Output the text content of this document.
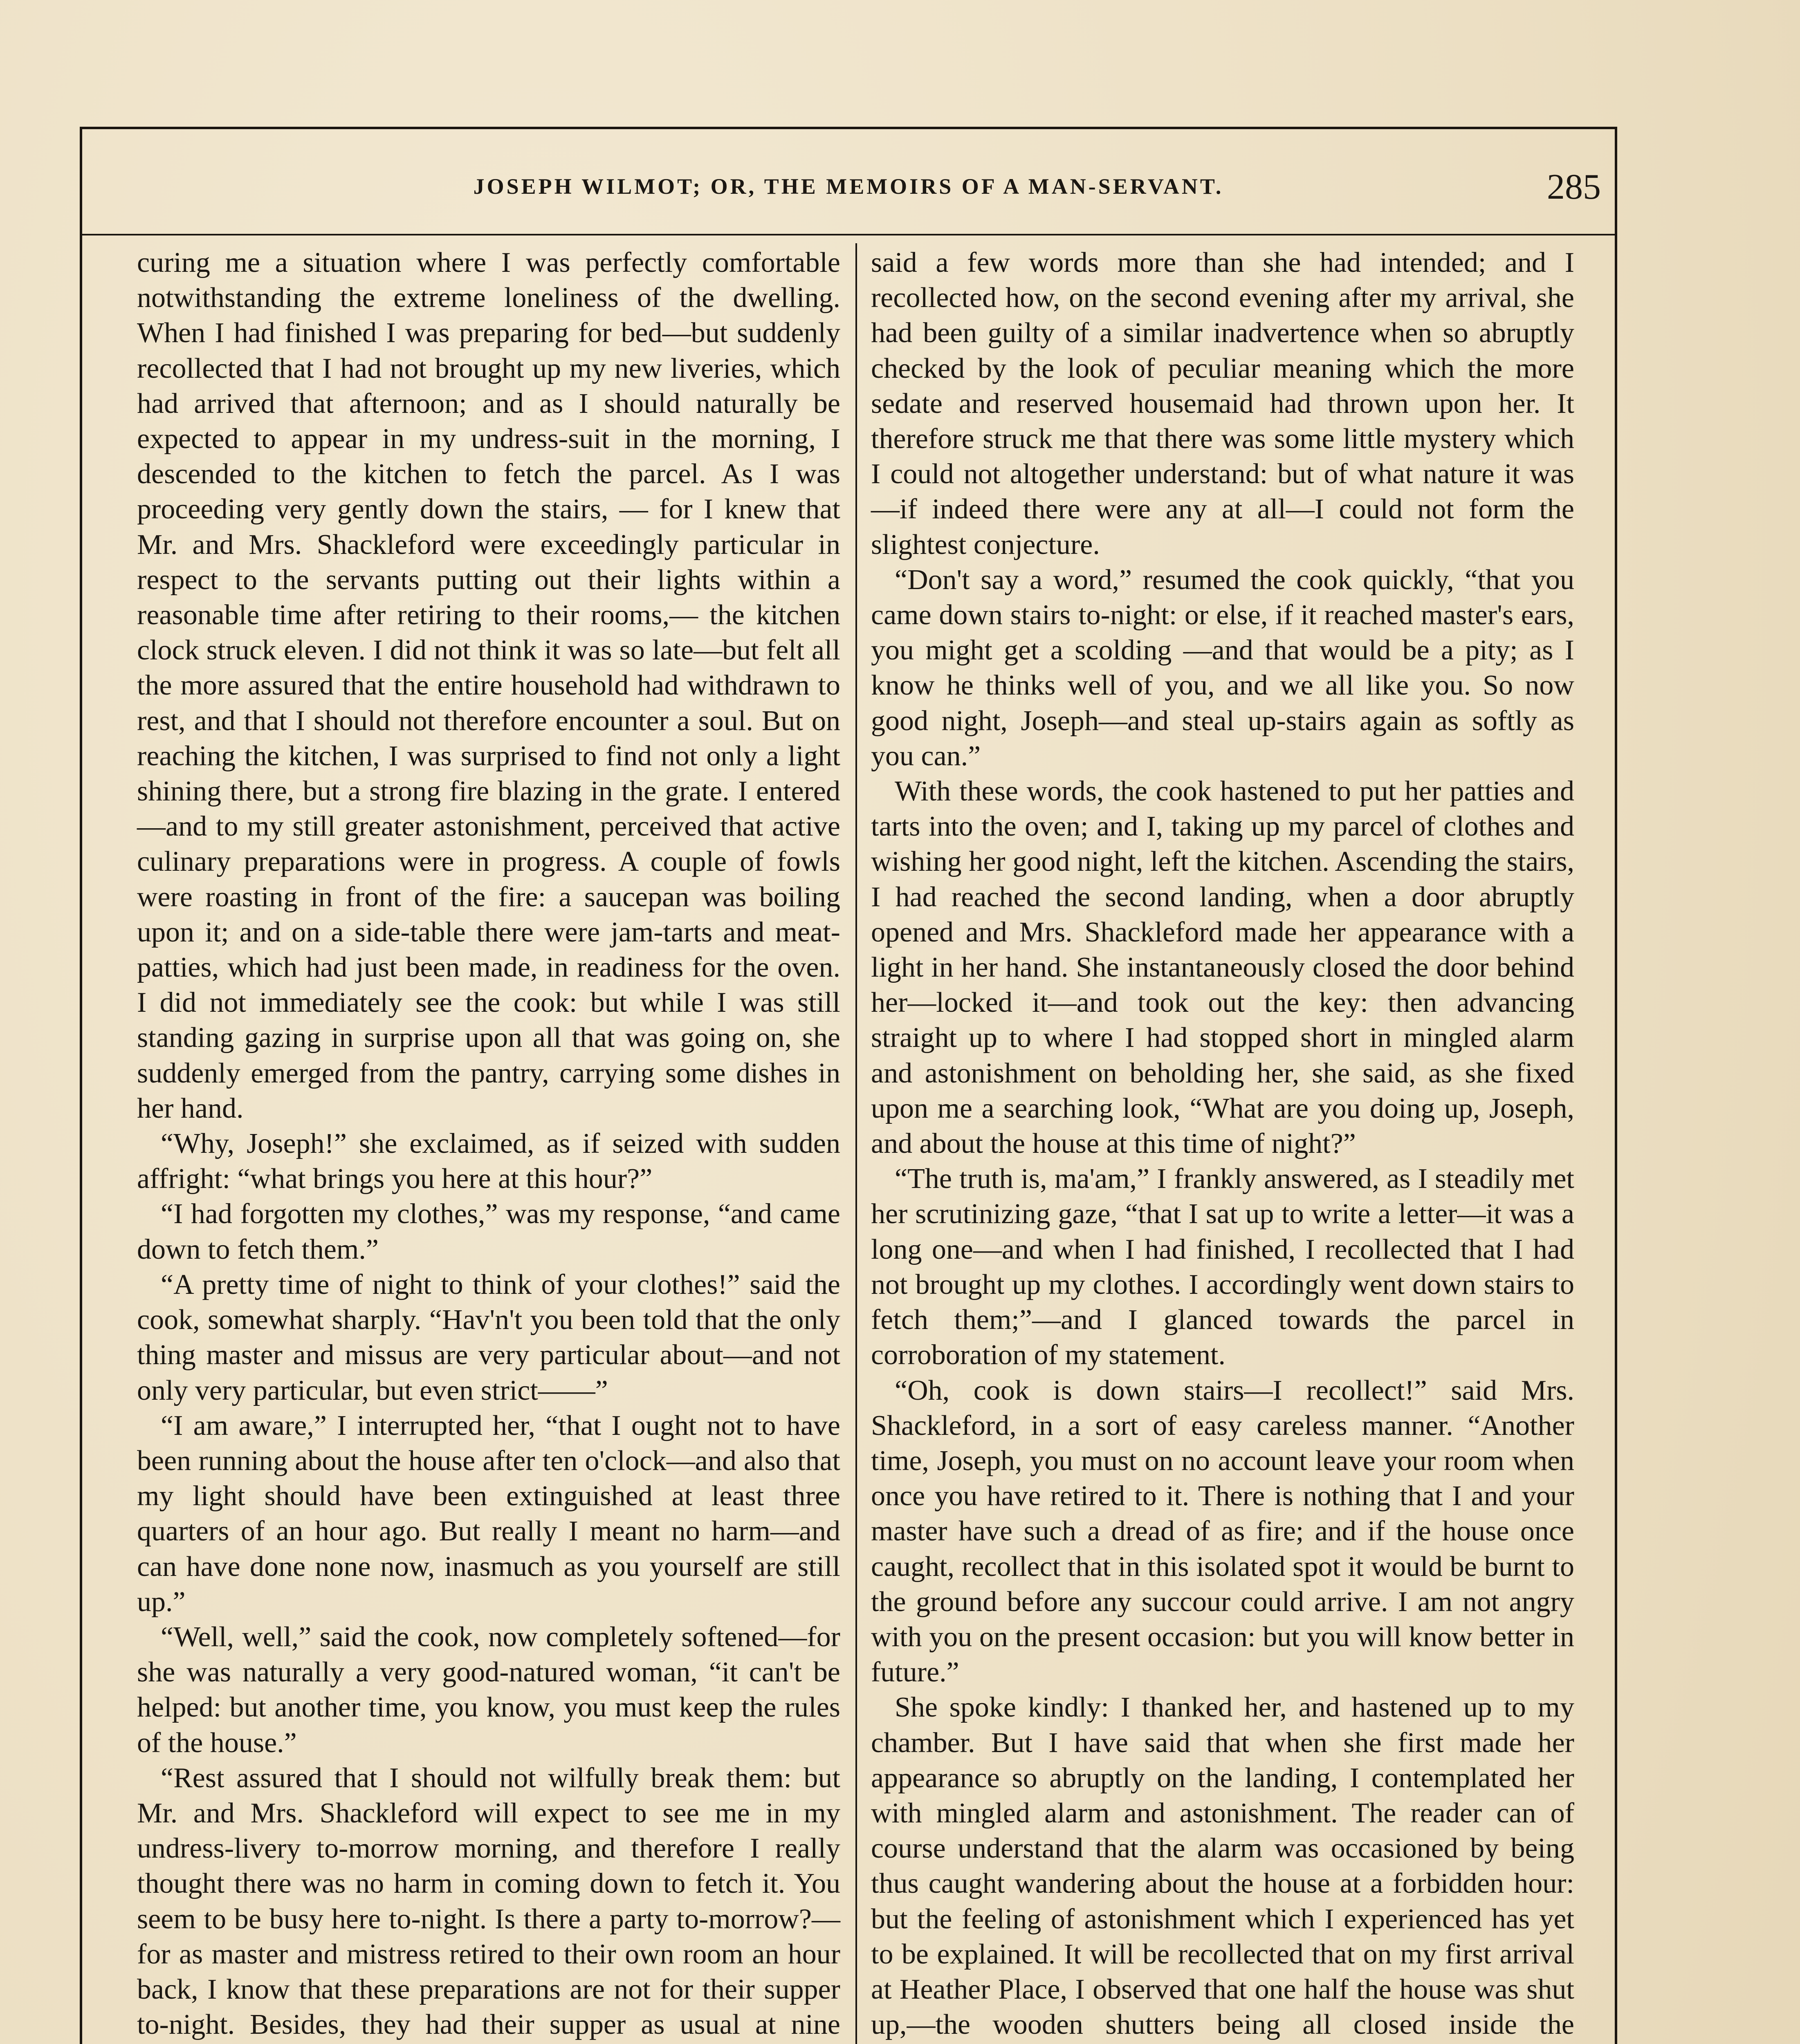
JOSEPH WILMOT; OR, THE MEMOIRS OF A MAN-SERVANT.	285

curing me a situation where I was perfectly comfortable notwithstanding the extreme loneliness of the dwelling. When I had finished I was preparing for bed—but suddenly recollected that I had not brought up my new liveries, which had arrived that afternoon; and as I should naturally be expected to appear in my undress-suit in the morning, I descended to the kitchen to fetch the parcel. As I was proceeding very gently down the stairs, — for I knew that Mr. and Mrs. Shackleford were exceedingly particular in respect to the servants putting out their lights within a reasonable time after retiring to their rooms,— the kitchen clock struck eleven. I did not think it was so late—but felt all the more assured that the entire household had withdrawn to rest, and that I should not therefore encounter a soul. But on reaching the kitchen, I was surprised to find not only a light shining there, but a strong fire blazing in the grate. I entered—and to my still greater astonishment, perceived that active culinary preparations were in progress. A couple of fowls were roasting in front of the fire: a saucepan was boiling upon it; and on a side-table there were jam-tarts and meat-patties, which had just been made, in readiness for the oven. I did not immediately see the cook: but while I was still standing gazing in surprise upon all that was going on, she suddenly emerged from the pantry, carrying some dishes in her hand.

“Why, Joseph!” she exclaimed, as if seized with sudden affright: “what brings you here at this hour?”

“I had forgotten my clothes,” was my response, “and came down to fetch them.”

“A pretty time of night to think of your clothes!” said the cook, somewhat sharply. “Hav'n't you been told that the only thing master and missus are very particular about—and not only very particular, but even strict——”

“I am aware,” I interrupted her, “that I ought not to have been running about the house after ten o'clock—and also that my light should have been extinguished at least three quarters of an hour ago. But really I meant no harm—and can have done none now, inasmuch as you yourself are still up.”

“Well, well,” said the cook, now completely softened—for she was naturally a very good-natured woman, “it can't be helped: but another time, you know, you must keep the rules of the house.”

“Rest assured that I should not wilfully break them: but Mr. and Mrs. Shackleford will expect to see me in my undress-livery to-morrow morning, and therefore I really thought there was no harm in coming down to fetch it. You seem to be busy here to-night. Is there a party to-morrow?—for as master and mistress retired to their own room an hour back, I know that these preparations are not for their supper to-night. Besides, they had their supper as usual at nine

said a few words more than she had intended; and I recollected how, on the second evening after my arrival, she had been guilty of a similar inadvertence when so abruptly checked by the look of peculiar meaning which the more sedate and reserved housemaid had thrown upon her. It therefore struck me that there was some little mystery which I could not altogether understand: but of what nature it was—if indeed there were any at all—I could not form the slightest conjecture.

“Don't say a word,” resumed the cook quickly, “that you came down stairs to-night: or else, if it reached master's ears, you might get a scolding —and that would be a pity; as I know he thinks well of you, and we all like you. So now good night, Joseph—and steal up-stairs again as softly as you can.”

With these words, the cook hastened to put her patties and tarts into the oven; and I, taking up my parcel of clothes and wishing her good night, left the kitchen. Ascending the stairs, I had reached the second landing, when a door abruptly opened and Mrs. Shackleford made her appearance with a light in her hand. She instantaneously closed the door behind her—locked it—and took out the key: then advancing straight up to where I had stopped short in mingled alarm and astonishment on beholding her, she said, as she fixed upon me a searching look, “What are you doing up, Joseph, and about the house at this time of night?”

“The truth is, ma'am,” I frankly answered, as I steadily met her scrutinizing gaze, “that I sat up to write a letter—it was a long one—and when I had finished, I recollected that I had not brought up my clothes. I accordingly went down stairs to fetch them;”—and I glanced towards the parcel in corroboration of my statement.

“Oh, cook is down stairs—I recollect!” said Mrs. Shackleford, in a sort of easy careless manner. “Another time, Joseph, you must on no account leave your room when once you have retired to it. There is nothing that I and your master have such a dread of as fire; and if the house once caught, recollect that in this isolated spot it would be burnt to the ground before any succour could arrive. I am not angry with you on the present occasion: but you will know better in future.”

She spoke kindly: I thanked her, and hastened up to my chamber. But I have said that when she first made her appearance so abruptly on the landing, I contemplated her with mingled alarm and astonishment. The reader can of course understand that the alarm was occasioned by being thus caught wandering about the house at a forbidden hour: but the feeling of astonishment which I experienced has yet to be explained. It will be recollected that on my first arrival at Heather Place, I observed that one half the house was shut up,—the wooden shutters being all closed inside the
